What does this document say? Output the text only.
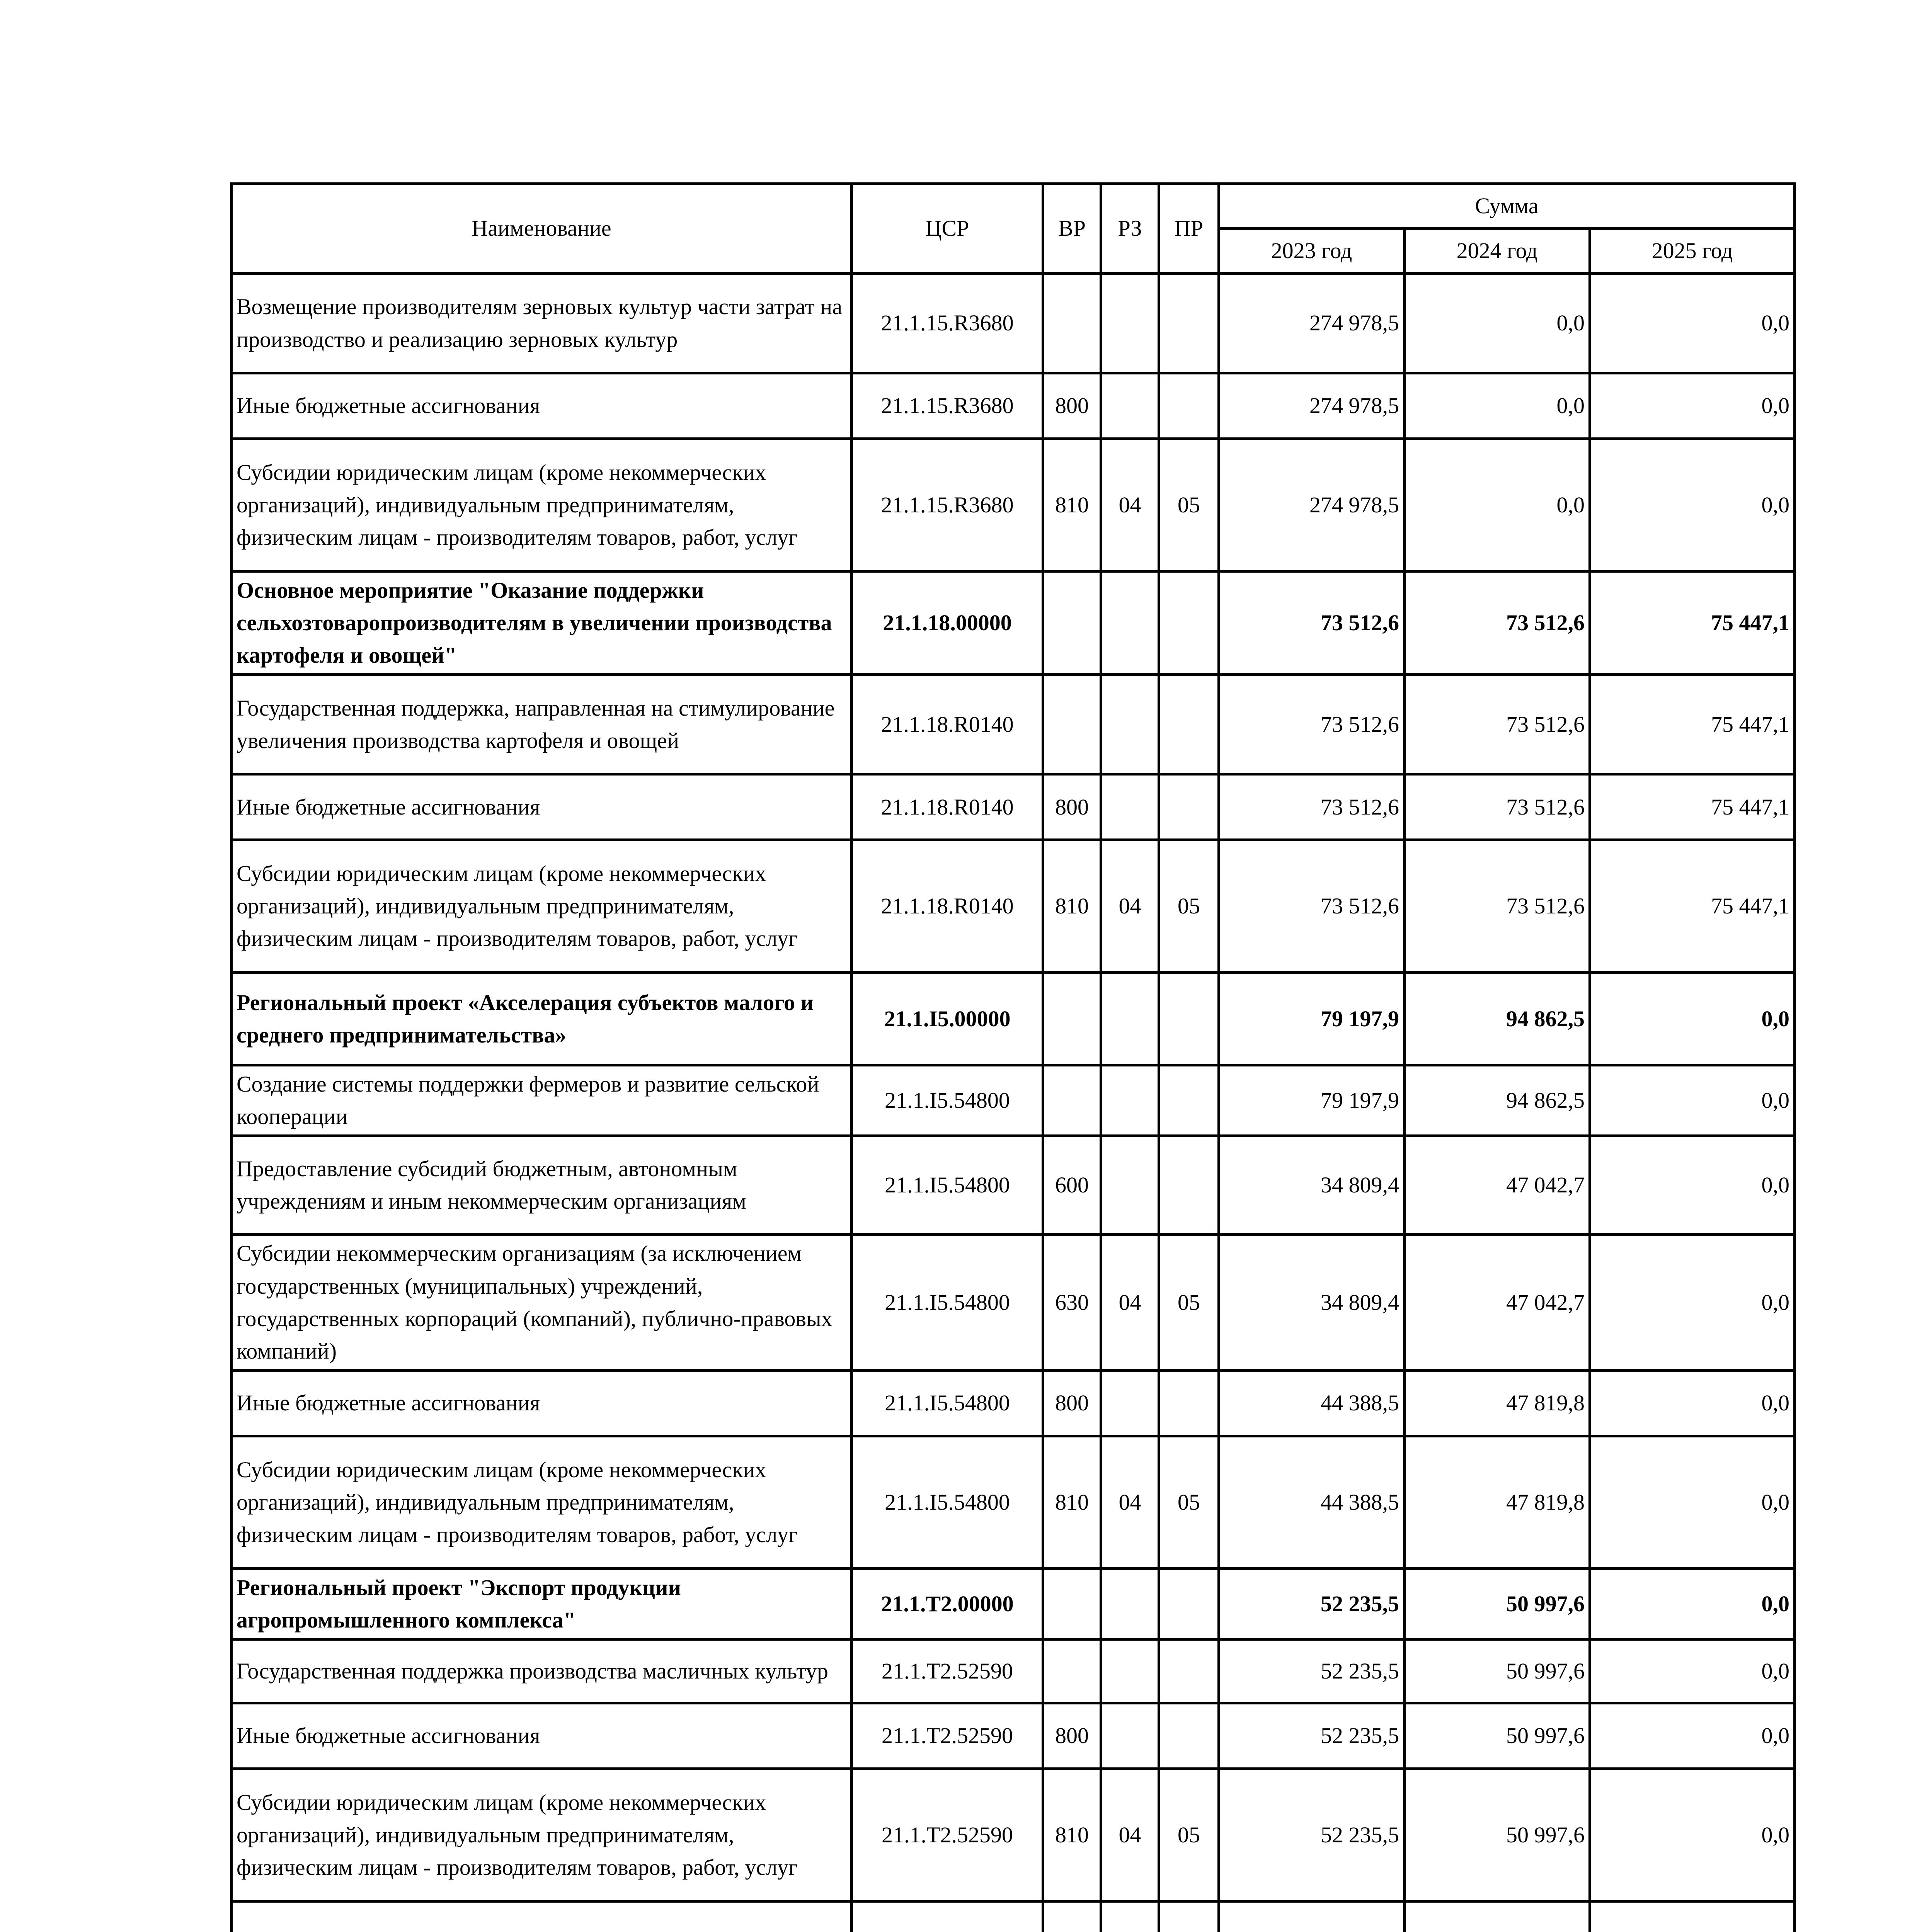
Наименование	ЦСР	ВР	РЗ	ПР	Сумма		
					2023 год	2024 год	2025 год
Возмещение производителям зерновых культур части затрат на производство и реализацию зерновых культур	21.1.15.R3680				274 978,5	0,0	0,0
Иные бюджетные ассигнования	21.1.15.R3680	800			274 978,5	0,0	0,0
Субсидии юридическим лицам (кроме некоммерческих организаций), индивидуальным предпринимателям, физическим лицам - производителям товаров, работ, услуг	21.1.15.R3680	810	04	05	274 978,5	0,0	0,0
Основное мероприятие "Оказание поддержки сельхозтоваропроизводителям в увеличении производства картофеля и овощей"	21.1.18.00000				73 512,6	73 512,6	75 447,1
Государственная поддержка, направленная на стимулирование увеличения производства картофеля и овощей	21.1.18.R0140				73 512,6	73 512,6	75 447,1
Иные бюджетные ассигнования	21.1.18.R0140	800			73 512,6	73 512,6	75 447,1
Субсидии юридическим лицам (кроме некоммерческих организаций), индивидуальным предпринимателям, физическим лицам - производителям товаров, работ, услуг	21.1.18.R0140	810	04	05	73 512,6	73 512,6	75 447,1
Региональный проект «Акселерация субъектов малого и среднего предпринимательства»	21.1.I5.00000				79 197,9	94 862,5	0,0
Создание системы поддержки фермеров и развитие сельской кооперации	21.1.I5.54800				79 197,9	94 862,5	0,0
Предоставление субсидий бюджетным, автономным учреждениям и иным некоммерческим организациям	21.1.I5.54800	600			34 809,4	47 042,7	0,0
Субсидии некоммерческим организациям (за исключением государственных (муниципальных) учреждений, государственных корпораций (компаний), публично-правовых компаний)	21.1.I5.54800	630	04	05	34 809,4	47 042,7	0,0
Иные бюджетные ассигнования	21.1.I5.54800	800			44 388,5	47 819,8	0,0
Субсидии юридическим лицам (кроме некоммерческих организаций), индивидуальным предпринимателям, физическим лицам - производителям товаров, работ, услуг	21.1.I5.54800	810	04	05	44 388,5	47 819,8	0,0
Региональный проект "Экспорт продукции агропромышленного комплекса"	21.1.T2.00000				52 235,5	50 997,6	0,0
Государственная поддержка производства масличных культур	21.1.T2.52590				52 235,5	50 997,6	0,0
Иные бюджетные ассигнования	21.1.T2.52590	800			52 235,5	50 997,6	0,0
Субсидии юридическим лицам (кроме некоммерческих организаций), индивидуальным предпринимателям, физическим лицам - производителям товаров, работ, услуг	21.1.T2.52590	810	04	05	52 235,5	50 997,6	0,0
